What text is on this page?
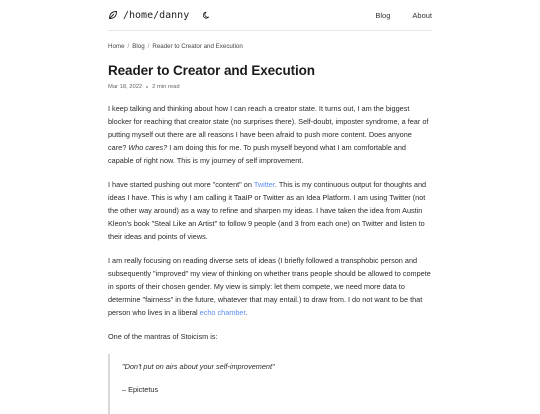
/home/danny	Blog	About
Home / Blog / Reader to Creator and Execution
Reader to Creator and Execution
Mar 18, 2022 2 min read

I keep talking and thinking about how I can reach a creator state. It turns out, I am the biggest blocker for reaching that creator state (no surprises there). Self-doubt, imposter syndrome, a fear of putting myself out there are all reasons I have been afraid to push more content. Does anyone care? Who cares? I am doing this for me. To push myself beyond what I am comfortable and capable of right now. This is my journey of self improvement.

I have started pushing out more "content" on Twitter. This is my continuous output for thoughts and ideas I have. This is why I am calling it TaaIP or Twitter as an Idea Platform. I am using Twitter (not the other way around) as a way to refine and sharpen my ideas. I have taken the idea from Austin Kleon's book "Steal Like an Artist" to follow 9 people (and 3 from each one) on Twitter and listen to their ideas and points of views.

I am really focusing on reading diverse sets of ideas (I briefly followed a transphobic person and subsequently "improved" my view of thinking on whether trans people should be allowed to compete in sports of their chosen gender. My view is simply: let them compete, we need more data to determine "fairness" in the future, whatever that may entail.) to draw from. I do not want to be that person who lives in a liberal echo chamber.

One of the mantras of Stoicism is:

"Don't put on airs about your self-improvement"
– Epictetus
